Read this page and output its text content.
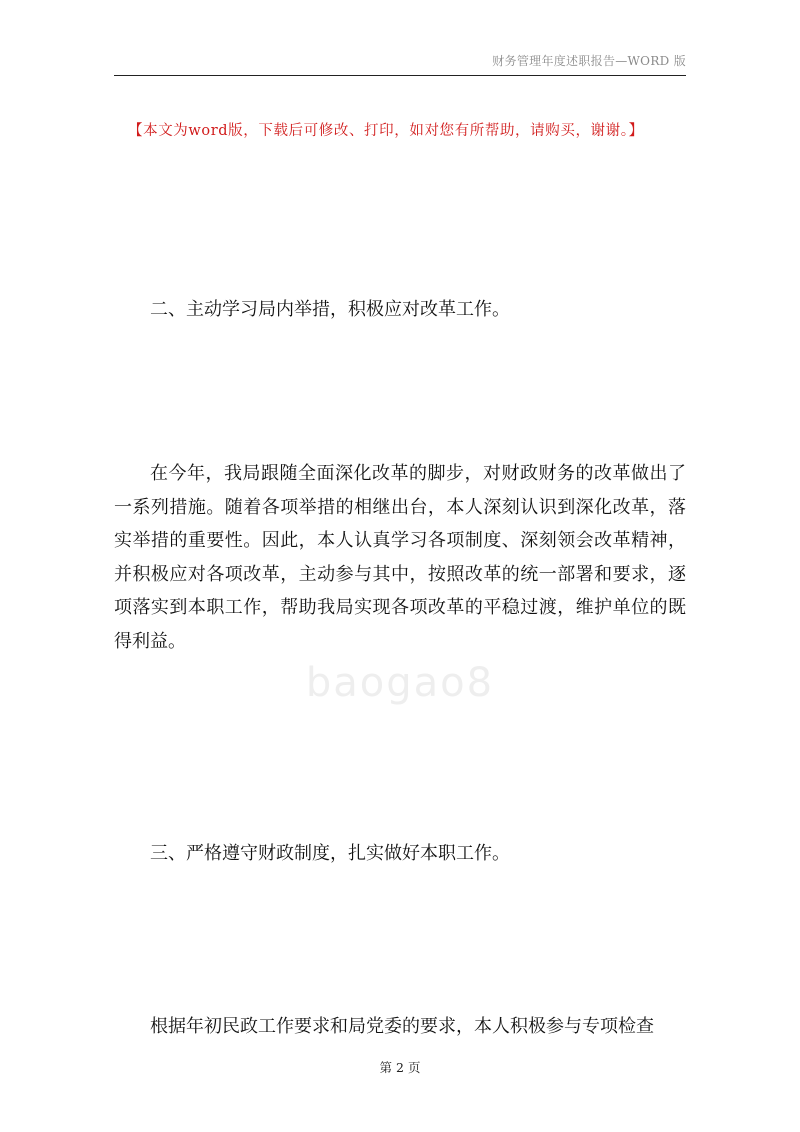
财务管理年度述职报告—WORD 版
【本文为word版，下载后可修改、打印，如对您有所帮助，请购买，谢谢。】
二、主动学习局内举措，积极应对改革工作。

在今年，我局跟随全面深化改革的脚步，对财政财务的改革做出了一系列措施。随着各项举措的相继出台，本人深刻认识到深化改革，落实举措的重要性。因此，本人认真学习各项制度、深刻领会改革精神，并积极应对各项改革，主动参与其中，按照改革的统一部署和要求，逐项落实到本职工作，帮助我局实现各项改革的平稳过渡，维护单位的既得利益。

baogao8
三、严格遵守财政制度，扎实做好本职工作。
根据年初民政工作要求和局党委的要求，本人积极参与专项检查
第 2 页
